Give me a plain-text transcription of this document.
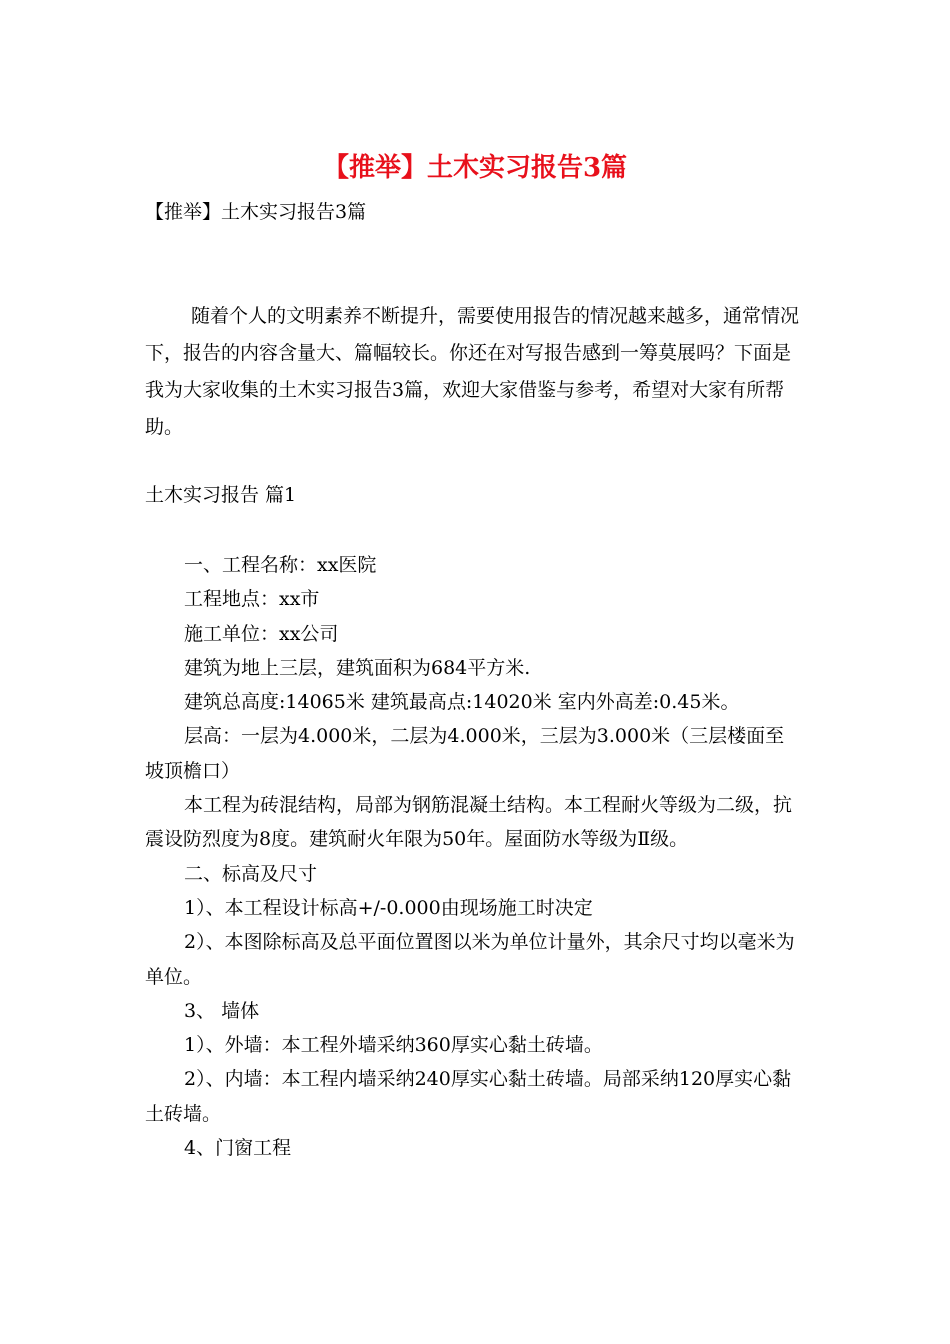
【推举】土木实习报告3篇
【推举】土木实习报告3篇
随着个人的文明素养不断提升，需要使用报告的情况越来越多，通常情况
下，报告的内容含量大、篇幅较长。你还在对写报告感到一筹莫展吗？下面是
我为大家收集的土木实习报告3篇，欢迎大家借鉴与参考，希望对大家有所帮
助。
土木实习报告 篇1
一、工程名称：xx医院
工程地点：xx市
施工单位：xx公司
建筑为地上三层，建筑面积为684平方米.
建筑总高度:14065米 建筑最高点:14020米 室内外高差:0.45米。
层高：一层为4.000米，二层为4.000米，三层为3.000米（三层楼面至
坡顶檐口）
本工程为砖混结构，局部为钢筋混凝土结构。本工程耐火等级为二级，抗
震设防烈度为8度。建筑耐火年限为50年。屋面防水等级为Ⅱ级。
二、标高及尺寸
1）、本工程设计标高+/-0.000由现场施工时决定
2）、本图除标高及总平面位置图以米为单位计量外，其余尺寸均以毫米为
单位。
3、 墙体
1）、外墙：本工程外墙采纳360厚实心黏土砖墙。
2）、内墙：本工程内墙采纳240厚实心黏土砖墙。局部采纳120厚实心黏
土砖墙。
4、门窗工程
